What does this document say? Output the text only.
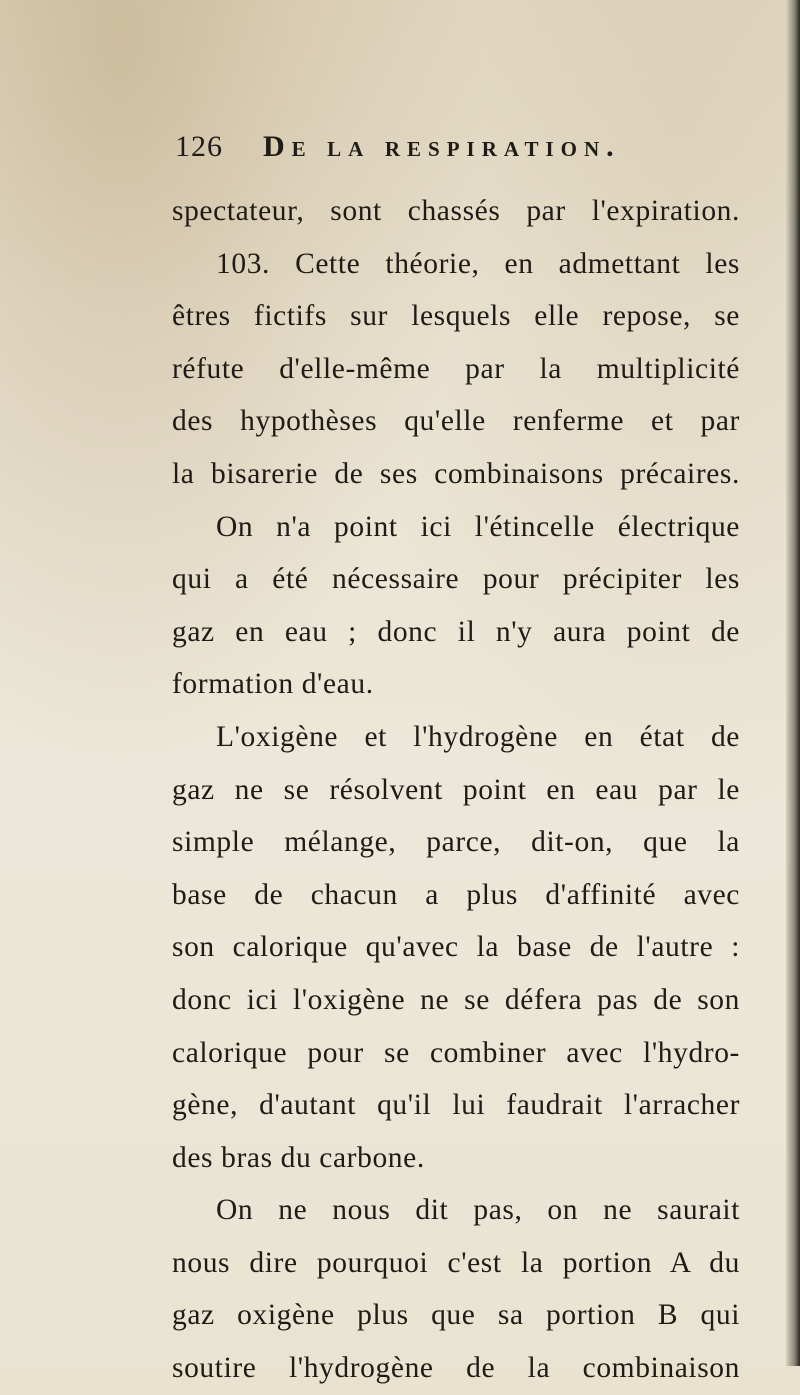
126 De la respiration.
spectateur, sont chassés par l'expiration.
103. Cette théorie, en admettant les
êtres fictifs sur lesquels elle repose, se
réfute d'elle-même par la multiplicité
des hypothèses qu'elle renferme et par
la bisarerie de ses combinaisons précaires.
On n'a point ici l'étincelle électrique
qui a été nécessaire pour précipiter les
gaz en eau ; donc il n'y aura point de
formation d'eau.
L'oxigène et l'hydrogène en état de
gaz ne se résolvent point en eau par le
simple mélange, parce, dit-on, que la
base de chacun a plus d'affinité avec
son calorique qu'avec la base de l'autre :
donc ici l'oxigène ne se défera pas de son
calorique pour se combiner avec l'hydro-
gène, d'autant qu'il lui faudrait l'arracher
des bras du carbone.
On ne nous dit pas, on ne saurait
nous dire pourquoi c'est la portion A du
gaz oxigène plus que sa portion B qui
soutire l'hydrogène de la combinaison
